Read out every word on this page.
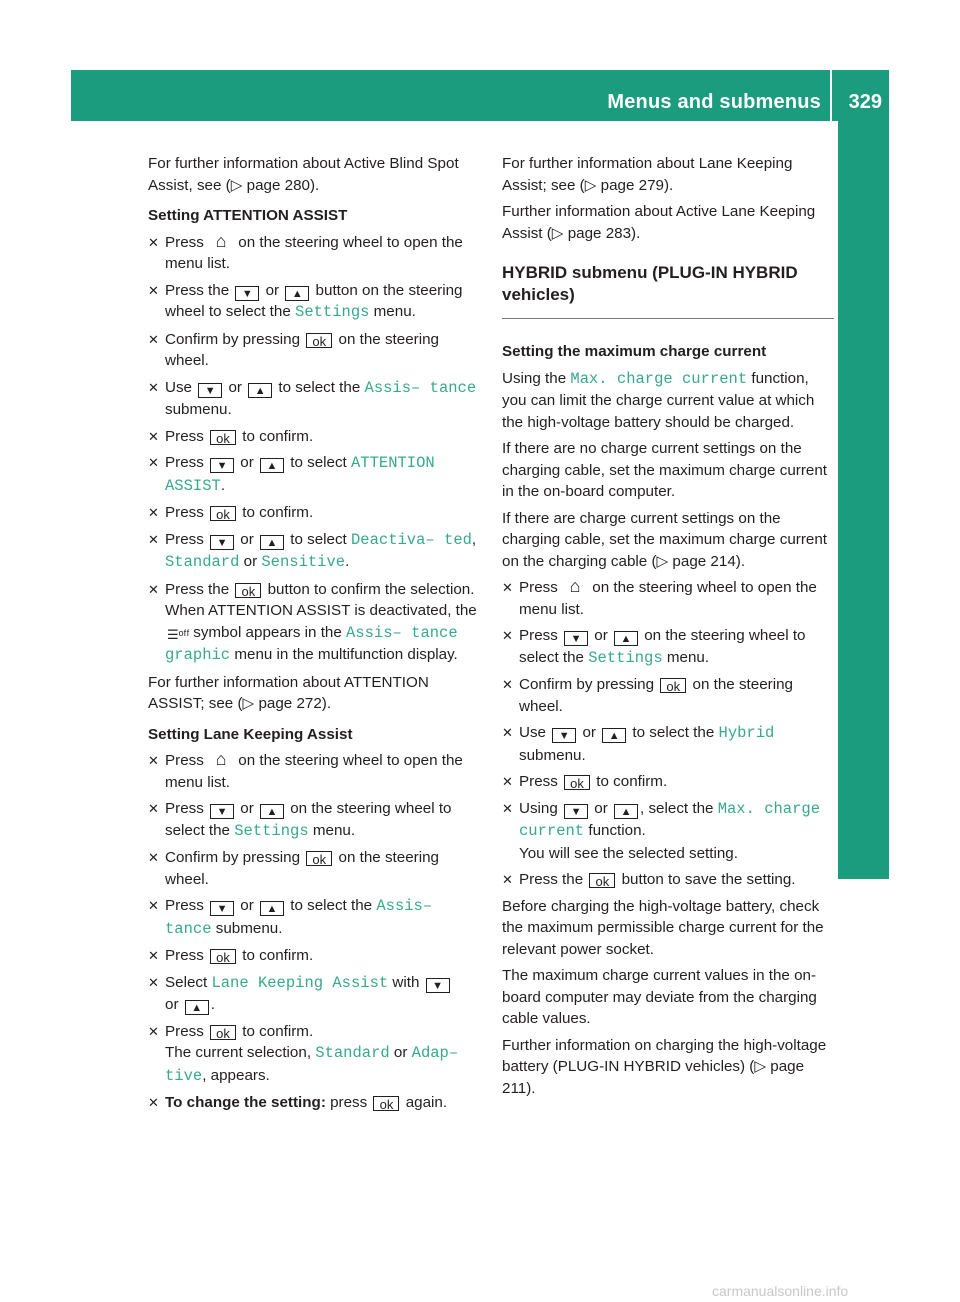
Menus and submenus 329
On-board computer and displays

For further information about Active Blind Spot Assist, see (▷ page 280).

Setting ATTENTION ASSIST

✕ Press ⌂ on the steering wheel to open the menu list.
✕ Press the ▼ or ▲ button on the steering wheel to select the Settings menu.
✕ Confirm by pressing ok on the steering wheel.
✕ Use ▼ or ▲ to select the Assis– tance submenu.
✕ Press ok to confirm.
✕ Press ▼ or ▲ to select ATTENTION ASSIST.
✕ Press ok to confirm.
✕ Press ▼ or ▲ to select Deactiva– ted, Standard or Sensitive.
✕ Press the ok button to confirm the selection.
When ATTENTION ASSIST is deactivated, the ☰ᵒᶠᶠ symbol appears in the Assis– tance graphic menu in the multifunction display.

For further information about ATTENTION ASSIST; see (▷ page 272).

Setting Lane Keeping Assist

✕ Press ⌂ on the steering wheel to open the menu list.
✕ Press ▼ or ▲ on the steering wheel to select the Settings menu.
✕ Confirm by pressing ok on the steering wheel.
✕ Press ▼ or ▲ to select the Assis– tance submenu.
✕ Press ok to confirm.
✕ Select Lane Keeping Assist with ▼
or ▲ .
✕ Press ok to confirm.
The current selection, Standard or Adap– tive, appears.
✕ To change the setting: press ok again.

For further information about Lane Keeping Assist; see (▷ page 279).

Further information about Active Lane Keeping Assist (▷ page 283).

HYBRID submenu (PLUG-IN HYBRID vehicles)

Setting the maximum charge current

Using the Max. charge current function, you can limit the charge current value at which the high-voltage battery should be charged.

If there are no charge current settings on the charging cable, set the maximum charge current in the on-board computer.

If there are charge current settings on the charging cable, set the maximum charge current on the charging cable (▷ page 214).

✕ Press ⌂ on the steering wheel to open the menu list.
✕ Press ▼ or ▲ on the steering wheel to select the Settings menu.
✕ Confirm by pressing ok on the steering wheel.
✕ Use ▼ or ▲ to select the Hybrid submenu.
✕ Press ok to confirm.
✕ Using ▼ or ▲ , select the Max. charge current function.
You will see the selected setting.
✕ Press the ok button to save the setting.

Before charging the high-voltage battery, check the maximum permissible charge current for the relevant power socket.

The maximum charge current values in the on-board computer may deviate from the charging cable values.

Further information on charging the high-voltage battery (PLUG-IN HYBRID vehicles) (▷ page 211).

carmanualsonline.info
